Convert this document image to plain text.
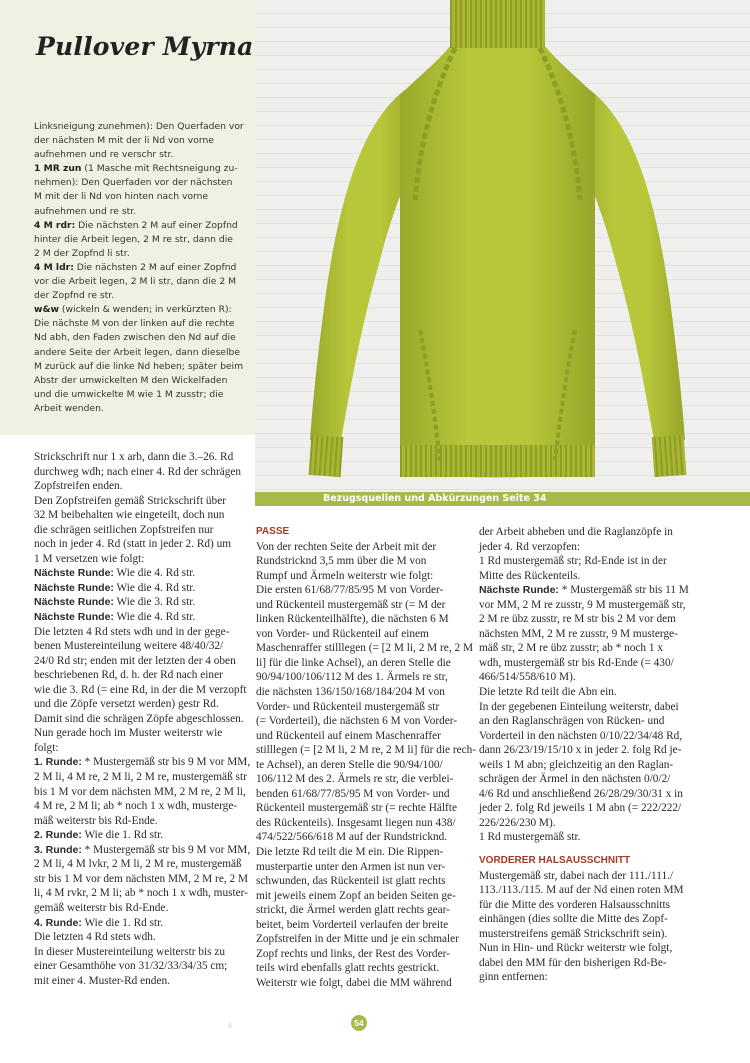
Pullover Myrna

Linksneigung zunehmen): Den Querfaden vor

der nächsten M mit der li Nd von vorne

aufnehmen und re verschr str.

1 MR zun (1 Masche mit Rechtsneigung zu-

nehmen): Den Querfaden vor der nächsten

M mit der li Nd von hinten nach vorne

aufnehmen und re str.

4 M rdr: Die nächsten 2 M auf einer Zopfnd

hinter die Arbeit legen, 2 M re str, dann die

2 M der Zopfnd li str.

4 M ldr: Die nächsten 2 M auf einer Zopfnd

vor die Arbeit legen, 2 M li str, dann die 2 M

der Zopfnd re str.

w&w (wickeln & wenden; in verkürzten R):

Die nächste M von der linken auf die rechte

Nd abh, den Faden zwischen den Nd auf die

andere Seite der Arbeit legen, dann dieselbe

M zurück auf die linke Nd heben; später beim

Abstr der umwickelten M den Wickelfaden

und die umwickelte M wie 1 M zusstr; die

Arbeit wenden.

Bezugsquellen und Abkürzungen Seite 34

Strickschrift nur 1 x arb, dann die 3.–26. Rd

durchweg wdh; nach einer 4. Rd der schrägen

Zopfstreifen enden.

Den Zopfstreifen gemäß Strickschrift über

32 M beibehalten wie eingeteilt, doch nun

die schrägen seitlichen Zopfstreifen nur

noch in jeder 4. Rd (statt in jeder 2. Rd) um

1 M versetzen wie folgt:

Nächste Runde: Wie die 4. Rd str.

Nächste Runde: Wie die 4. Rd str.

Nächste Runde: Wie die 3. Rd str.

Nächste Runde: Wie die 4. Rd str.

Die letzten 4 Rd stets wdh und in der gege-

benen Mustereinteilung weitere 48/40/32/

24/0 Rd str; enden mit der letzten der 4 oben

beschriebenen Rd, d. h. der Rd nach einer

wie die 3. Rd (= eine Rd, in der die M verzopft

und die Zöpfe versetzt werden) gestr Rd.

Damit sind die schrägen Zöpfe abgeschlossen.

Nun gerade hoch im Muster weiterstr wie

folgt:

1. Runde: * Mustergemäß str bis 9 M vor MM,

2 M li, 4 M re, 2 M li, 2 M re, mustergemäß str

bis 1 M vor dem nächsten MM, 2 M re, 2 M li,

4 M re, 2 M li; ab * noch 1 x wdh, musterge-

mäß weiterstr bis Rd-Ende.

2. Runde: Wie die 1. Rd str.

3. Runde: * Mustergemäß str bis 9 M vor MM,

2 M li, 4 M lvkr, 2 M li, 2 M re, mustergemäß

str bis 1 M vor dem nächsten MM, 2 M re, 2 M

li, 4 M rvkr, 2 M li; ab * noch 1 x wdh, muster-

gemäß weiterstr bis Rd-Ende.

4. Runde: Wie die 1. Rd str.

Die letzten 4 Rd stets wdh.

In dieser Mustereinteilung weiterstr bis zu

einer Gesamthöhe von 31/32/33/34/35 cm;

mit einer 4. Muster-Rd enden.

PASSE

Von der rechten Seite der Arbeit mit der

Rundstricknd 3,5 mm über die M von

Rumpf und Ärmeln weiterstr wie folgt:

Die ersten 61/68/77/85/95 M von Vorder-

und Rückenteil mustergemäß str (= M der

linken Rückenteilhälfte), die nächsten 6 M

von Vorder- und Rückenteil auf einem

Maschenraffer stilllegen (= [2 M li, 2 M re, 2 M

li] für die linke Achsel), an deren Stelle die

90/94/100/106/112 M des 1. Ärmels re str,

die nächsten 136/150/168/184/204 M von

Vorder- und Rückenteil mustergemäß str

(= Vorderteil), die nächsten 6 M von Vorder-

und Rückenteil auf einem Maschenraffer

stilllegen (= [2 M li, 2 M re, 2 M li] für die rech-

te Achsel), an deren Stelle die 90/94/100/

106/112 M des 2. Ärmels re str, die verblei-

benden 61/68/77/85/95 M von Vorder- und

Rückenteil mustergemäß str (= rechte Hälfte

des Rückenteils). Insgesamt liegen nun 438/

474/522/566/618 M auf der Rundstricknd.

Die letzte Rd teilt die M ein. Die Rippen-

musterpartie unter den Armen ist nun ver-

schwunden, das Rückenteil ist glatt rechts

mit jeweils einem Zopf an beiden Seiten ge-

strickt, die Ärmel werden glatt rechts gear-

beitet, beim Vorderteil verlaufen der breite

Zopfstreifen in der Mitte und je ein schmaler

Zopf rechts und links, der Rest des Vorder-

teils wird ebenfalls glatt rechts gestrickt.

Weiterstr wie folgt, dabei die MM während

der Arbeit abheben und die Raglanzöpfe in

jeder 4. Rd verzopfen:

1 Rd mustergemäß str; Rd-Ende ist in der

Mitte des Rückenteils.

Nächste Runde: * Mustergemäß str bis 11 M

vor MM, 2 M re zusstr, 9 M mustergemäß str,

2 M re übz zusstr, re M str bis 2 M vor dem

nächsten MM, 2 M re zusstr, 9 M musterge-

mäß str, 2 M re übz zusstr; ab * noch 1 x

wdh, mustergemäß str bis Rd-Ende (= 430/

466/514/558/610 M).

Die letzte Rd teilt die Abn ein.

In der gegebenen Einteilung weiterstr, dabei

an den Raglanschrägen von Rücken- und

Vorderteil in den nächsten 0/10/22/34/48 Rd,

dann 26/23/19/15/10 x in jeder 2. folg Rd je-

weils 1 M abn; gleichzeitig an den Raglan-

schrägen der Ärmel in den nächsten 0/0/2/

4/6 Rd und anschließend 26/28/29/30/31 x in

jeder 2. folg Rd jeweils 1 M abn (= 222/222/

226/226/230 M).

1 Rd mustergemäß str.

VORDERER HALSAUSSCHNITT

Mustergemäß str, dabei nach der 111./111./

113./113./115. M auf der Nd einen roten MM

für die Mitte des vorderen Halsausschnitts

einhängen (dies sollte die Mitte des Zopf-

musterstreifens gemäß Strickschrift sein).

Nun in Hin- und Rückr weiterstr wie folgt,

dabei den MM für den bisherigen Rd-Be-

ginn entfernen:

li	54
